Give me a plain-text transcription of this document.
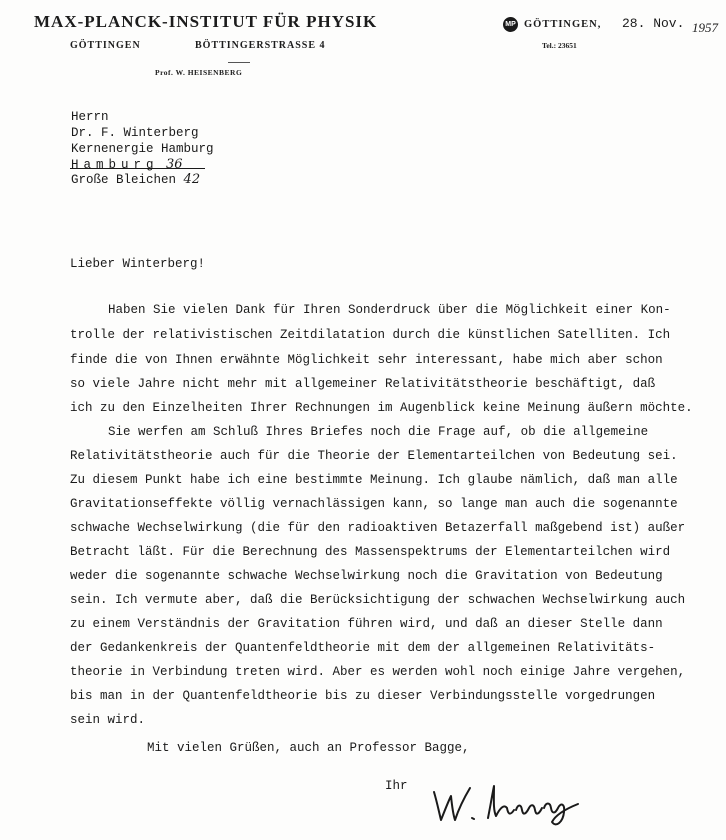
MAX-PLANCK-INSTITUT FÜR PHYSIK
GÖTTINGEN	BÖTTINGERSTRASSE 4
Prof. W. HEISENBERG
MP GÖTTINGEN, 28. Nov. 1957
Tel.: 23651
Herrn
Dr. F. Winterberg
Kernenergie Hamburg
Hamburg 36
Große Bleichen 42
Lieber Winterberg!
Haben Sie vielen Dank für Ihren Sonderdruck über die Möglichkeit einer Kon-
trolle der relativistischen Zeitdilatation durch die künstlichen Satelliten. Ich
finde die von Ihnen erwähnte Möglichkeit sehr interessant, habe mich aber schon
so viele Jahre nicht mehr mit allgemeiner Relativitätstheorie beschäftigt, daß
ich zu den Einzelheiten Ihrer Rechnungen im Augenblick keine Meinung äußern möchte.
Sie werfen am Schluß Ihres Briefes noch die Frage auf, ob die allgemeine
Relativitätstheorie auch für die Theorie der Elementarteilchen von Bedeutung sei.
Zu diesem Punkt habe ich eine bestimmte Meinung. Ich glaube nämlich, daß man alle
Gravitationseffekte völlig vernachlässigen kann, so lange man auch die sogenannte
schwache Wechselwirkung (die für den radioaktiven Betazerfall maßgebend ist) außer
Betracht läßt. Für die Berechnung des Massenspektrums der Elementarteilchen wird
weder die sogenannte schwache Wechselwirkung noch die Gravitation von Bedeutung
sein. Ich vermute aber, daß die Berücksichtigung der schwachen Wechselwirkung auch
zu einem Verständnis der Gravitation führen wird, und daß an dieser Stelle dann
der Gedankenkreis der Quantenfeldtheorie mit dem der allgemeinen Relativitäts-
theorie in Verbindung treten wird. Aber es werden wohl noch einige Jahre vergehen,
bis man in der Quantenfeldtheorie bis zu dieser Verbindungsstelle vorgedrungen
sein wird.
Mit vielen Grüßen, auch an Professor Bagge,
Ihr
